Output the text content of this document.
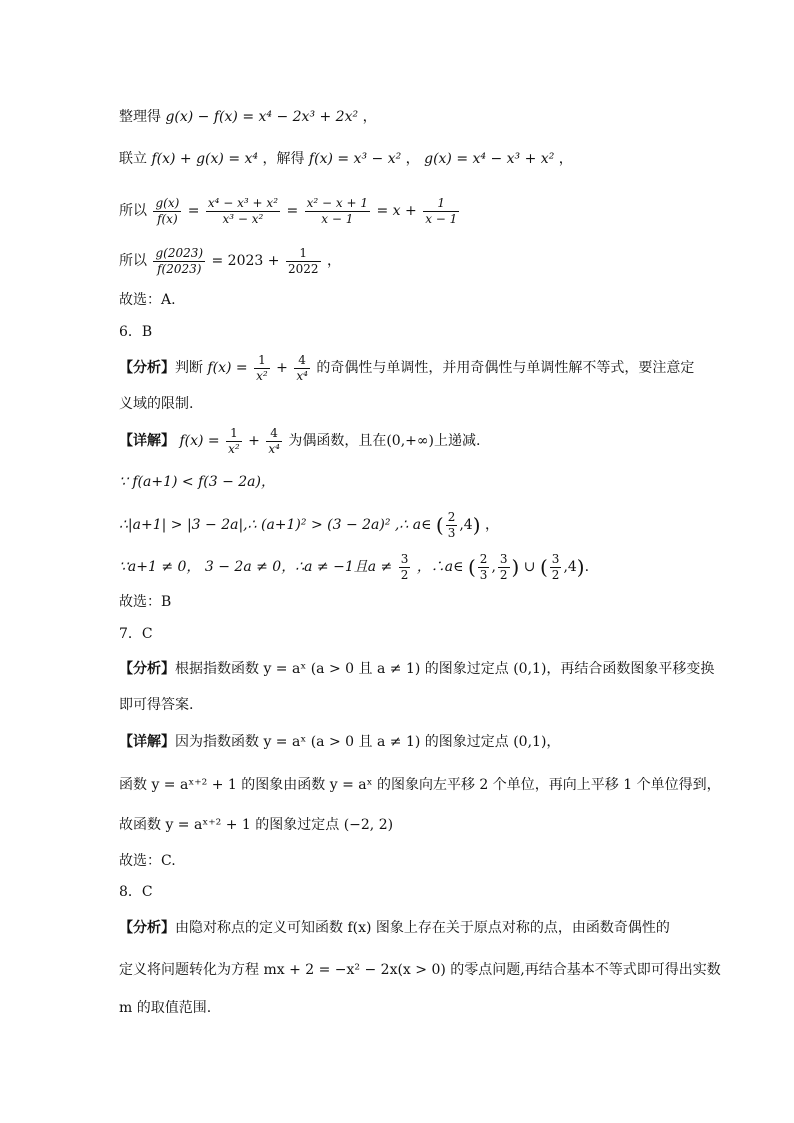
整理得 g(x) − f(x) = x⁴ − 2x³ + 2x² ，
联立 f(x) + g(x) = x⁴ ，解得 f(x) = x³ − x² ， g(x) = x⁴ − x³ + x² ，
所以 $\frac{g(x)}{f(x)} = \frac{\text{x⁴ − x³ + x²}}{\text{x³ − x²}} = \frac{\text{x² − x + 1}}{x - 1} = x + \frac{1}{x - 1}$
所以 $\frac{g(2023)}{f(2023)} = 2023 + \frac{1}{2022}$ ，
故选：A.
6．B
【分析】判断 $f(x) = \frac{1}{\text{x²}} + \frac{4}{\text{x⁴}}$ 的奇偶性与单调性，并用奇偶性与单调性解不等式，要注意定
义域的限制.
【详解】 $f(x) = \frac{1}{\text{x²}} + \frac{4}{\text{x⁴}}$ 为偶函数，且在(0,+∞)上递减.
∵ f(a+1) < f(3 − 2a)，
∴|a+1| > |3 − 2a|,∴ (a+1)² > (3 − 2a)² ,∴ a∈ ( $\frac{2}{3} ,4$) ，
∵a+1 ≠ 0， 3 − 2a ≠ 0，∴a ≠ −1且$a \ne \frac{3}{2}$ ，∴a∈ ( $\frac{2}{3}$ , $\frac{3}{2}$ ) ∪ ( $\frac{3}{2} ,4$).
故选：B
7．C
【分析】根据指数函数 y = aˣ (a > 0 且 a ≠ 1) 的图象过定点 (0,1)，再结合函数图象平移变换
即可得答案.
【详解】因为指数函数 y = aˣ (a > 0 且 a ≠ 1) 的图象过定点 (0,1)，
函数 y = aˣ⁺² + 1 的图象由函数 y = aˣ 的图象向左平移 2 个单位，再向上平移 1 个单位得到，
故函数 y = aˣ⁺² + 1 的图象过定点 (−2, 2)
故选：C.
8．C
【分析】由隐对称点的定义可知函数 f(x) 图象上存在关于原点对称的点，由函数奇偶性的
定义将问题转化为方程 mx + 2 = −x² − 2x(x > 0) 的零点问题,再结合基本不等式即可得出实数
m 的取值范围.
